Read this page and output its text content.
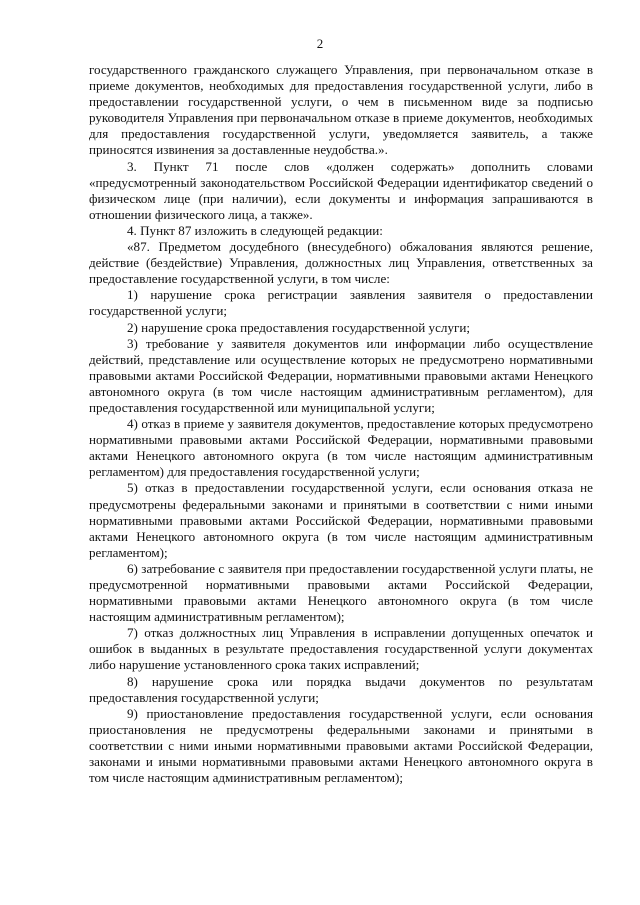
2

государственного гражданского служащего Управления, при первоначальном отказе в приеме документов, необходимых для предоставления государственной услуги, либо в предоставлении государственной услуги, о чем в письменном виде за подписью руководителя Управления при первоначальном отказе в приеме документов, необходимых для предоставления государственной услуги, уведомляется заявитель, а также приносятся извинения за доставленные неудобства.».

3. Пункт 71 после слов «должен содержать» дополнить словами «предусмотренный законодательством Российской Федерации идентификатор сведений о физическом лице (при наличии), если документы и информация запрашиваются в отношении физического лица, а также».

4. Пункт 87 изложить в следующей редакции:

«87. Предметом досудебного (внесудебного) обжалования являются решение, действие (бездействие) Управления, должностных лиц Управления, ответственных за предоставление государственной услуги, в том числе:

1) нарушение срока регистрации заявления заявителя о предоставлении государственной услуги;

2) нарушение срока предоставления государственной услуги;

3) требование у заявителя документов или информации либо осуществление действий, представление или осуществление которых не предусмотрено нормативными правовыми актами Российской Федерации, нормативными правовыми актами Ненецкого автономного округа (в том числе настоящим административным регламентом), для предоставления государственной или муниципальной услуги;

4) отказ в приеме у заявителя документов, предоставление которых предусмотрено нормативными правовыми актами Российской Федерации, нормативными правовыми актами Ненецкого автономного округа (в том числе настоящим административным регламентом) для предоставления государственной услуги;

5) отказ в предоставлении государственной услуги, если основания отказа не предусмотрены федеральными законами и принятыми в соответствии с ними иными нормативными правовыми актами Российской Федерации, нормативными правовыми актами Ненецкого автономного округа (в том числе настоящим административным регламентом);

6) затребование с заявителя при предоставлении государственной услуги платы, не предусмотренной нормативными правовыми актами Российской Федерации, нормативными правовыми актами Ненецкого автономного округа (в том числе настоящим административным регламентом);

7) отказ должностных лиц Управления в исправлении допущенных опечаток и ошибок в выданных в результате предоставления государственной услуги документах либо нарушение установленного срока таких исправлений;

8) нарушение срока или порядка выдачи документов по результатам предоставления государственной услуги;

9) приостановление предоставления государственной услуги, если основания приостановления не предусмотрены федеральными законами и принятыми в соответствии с ними иными нормативными правовыми актами Российской Федерации, законами и иными нормативными правовыми актами Ненецкого автономного округа в том числе настоящим административным регламентом);
